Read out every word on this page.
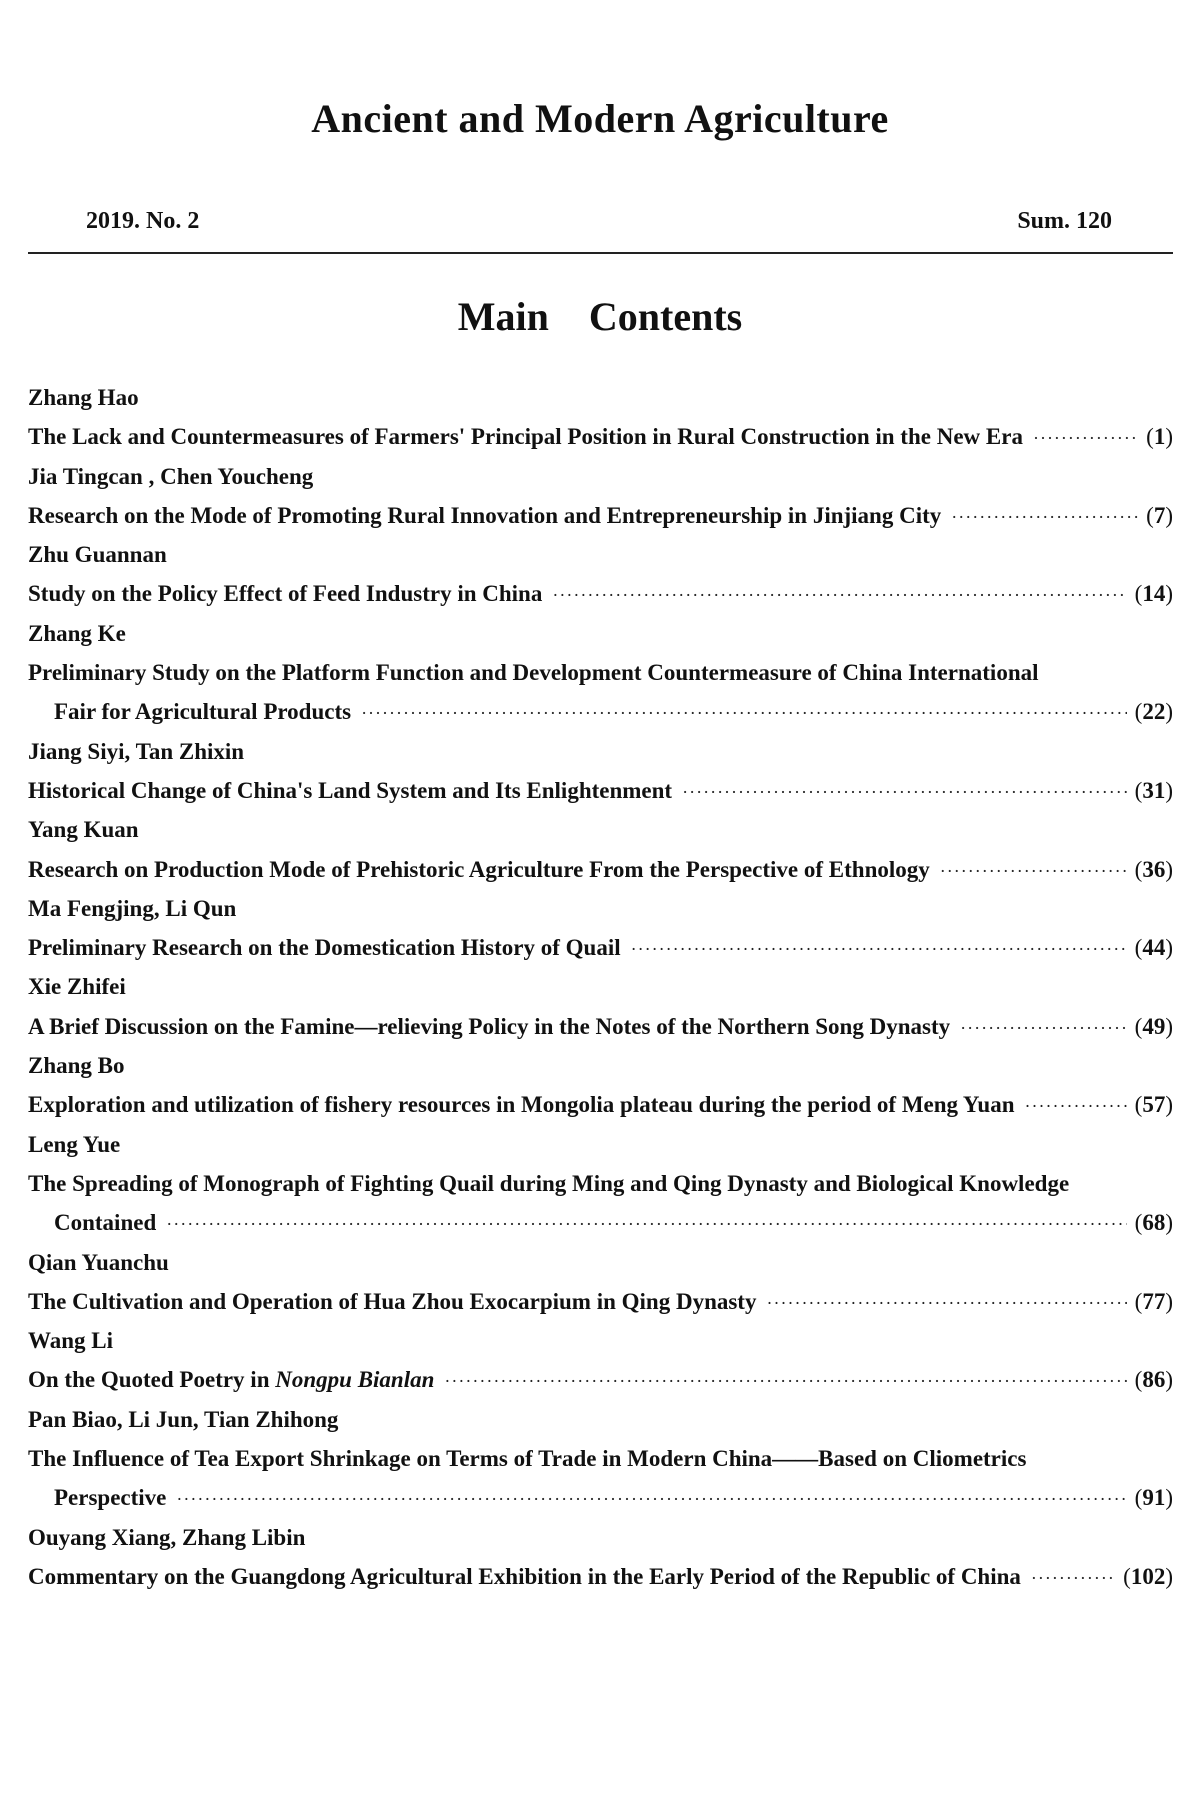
Ancient and Modern Agriculture
2019. No. 2	Sum. 120
Main Contents
Zhang Hao
The Lack and Countermeasures of Farmers' Principal Position in Rural Construction in the New Era ·····	( 1 )
Jia Tingcan , Chen Youcheng
Research on the Mode of Promoting Rural Innovation and Entrepreneurship in Jinjiang City ·····	( 7 )
Zhu Guannan
Study on the Policy Effect of Feed Industry in China ·····	( 14 )
Zhang Ke
Preliminary Study on the Platform Function and Development Countermeasure of China International
Fair for Agricultural Products ·····	( 22 )
Jiang Siyi, Tan Zhixin
Historical Change of China's Land System and Its Enlightenment ·····	( 31 )
Yang Kuan
Research on Production Mode of Prehistoric Agriculture From the Perspective of Ethnology ·····	( 36 )
Ma Fengjing, Li Qun
Preliminary Research on the Domestication History of Quail ·····	( 44 )
Xie Zhifei
A Brief Discussion on the Famine—relieving Policy in the Notes of the Northern Song Dynasty ·····	( 49 )
Zhang Bo
Exploration and utilization of fishery resources in Mongolia plateau during the period of Meng Yuan ·····	( 57 )
Leng Yue
The Spreading of Monograph of Fighting Quail during Ming and Qing Dynasty and Biological Knowledge
Contained ·····	( 68 )
Qian Yuanchu
The Cultivation and Operation of Hua Zhou Exocarpium in Qing Dynasty ·····	( 77 )
Wang Li
On the Quoted Poetry in Nongpu Bianlan ·····	( 86 )
Pan Biao, Li Jun, Tian Zhihong
The Influence of Tea Export Shrinkage on Terms of Trade in Modern China——Based on Cliometrics
Perspective ·····	( 91 )
Ouyang Xiang, Zhang Libin
Commentary on the Guangdong Agricultural Exhibition in the Early Period of the Republic of China ·····	( 102 )
